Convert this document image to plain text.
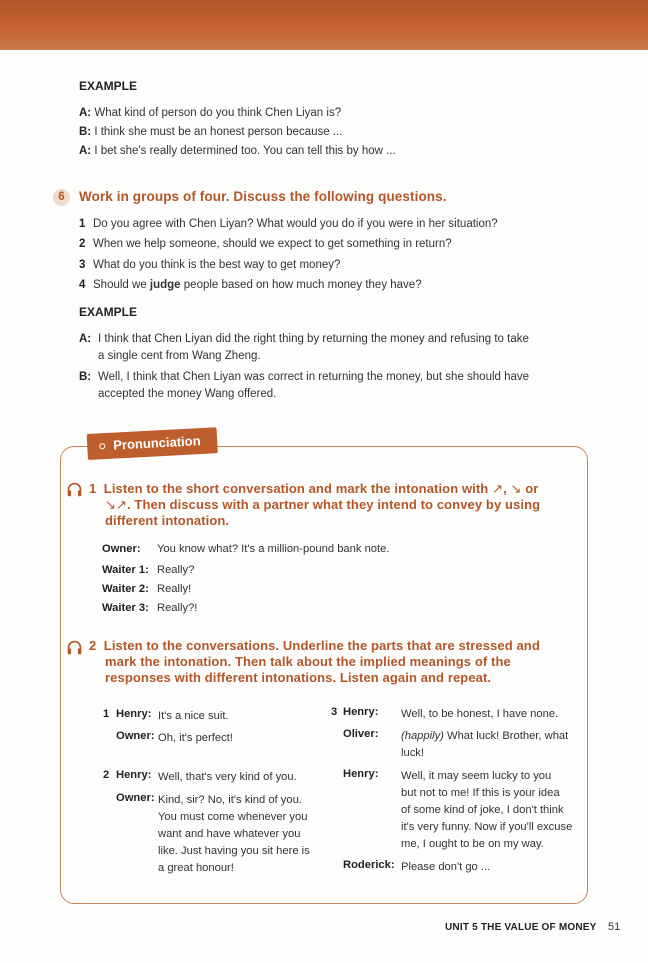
EXAMPLE
A: What kind of person do you think Chen Liyan is?
B: I think she must be an honest person because ...
A: I bet she's really determined too. You can tell this by how ...
6	Work in groups of four. Discuss the following questions.
1 Do you agree with Chen Liyan? What would you do if you were in her situation?
2 When we help someone, should we expect to get something in return?
3 What do you think is the best way to get money?
4 Should we judge people based on how much money they have?
EXAMPLE
A: I think that Chen Liyan did the right thing by returning the money and refusing to take
a single cent from Wang Zheng.
B: Well, I think that Chen Liyan was correct in returning the money, but she should have
accepted the money Wang offered.
Pronunciation
1 Listen to the short conversation and mark the intonation with ↗, ↘ or
↘↗. Then discuss with a partner what they intend to convey by using
different intonation.
Owner: You know what? It's a million-pound bank note.
Waiter 1: Really?
Waiter 2: Really!
Waiter 3: Really?!
2 Listen to the conversations. Underline the parts that are stressed and
mark the intonation. Then talk about the implied meanings of the
responses with different intonations. Listen again and repeat.
1 Henry: It's a nice suit.
Owner: Oh, it's perfect!
2 Henry: Well, that's very kind of you.
Owner: Kind, sir? No, it's kind of you.
You must come whenever you
want and have whatever you
like. Just having you sit here is
a great honour!
3 Henry: Well, to be honest, I have none.
Oliver: (happily) What luck! Brother, what
luck!
Henry: Well, it may seem lucky to you
but not to me! If this is your idea
of some kind of joke, I don't think
it's very funny. Now if you'll excuse
me, I ought to be on my way.
Roderick: Please don't go ...
UNIT 5 THE VALUE OF MONEY 51
